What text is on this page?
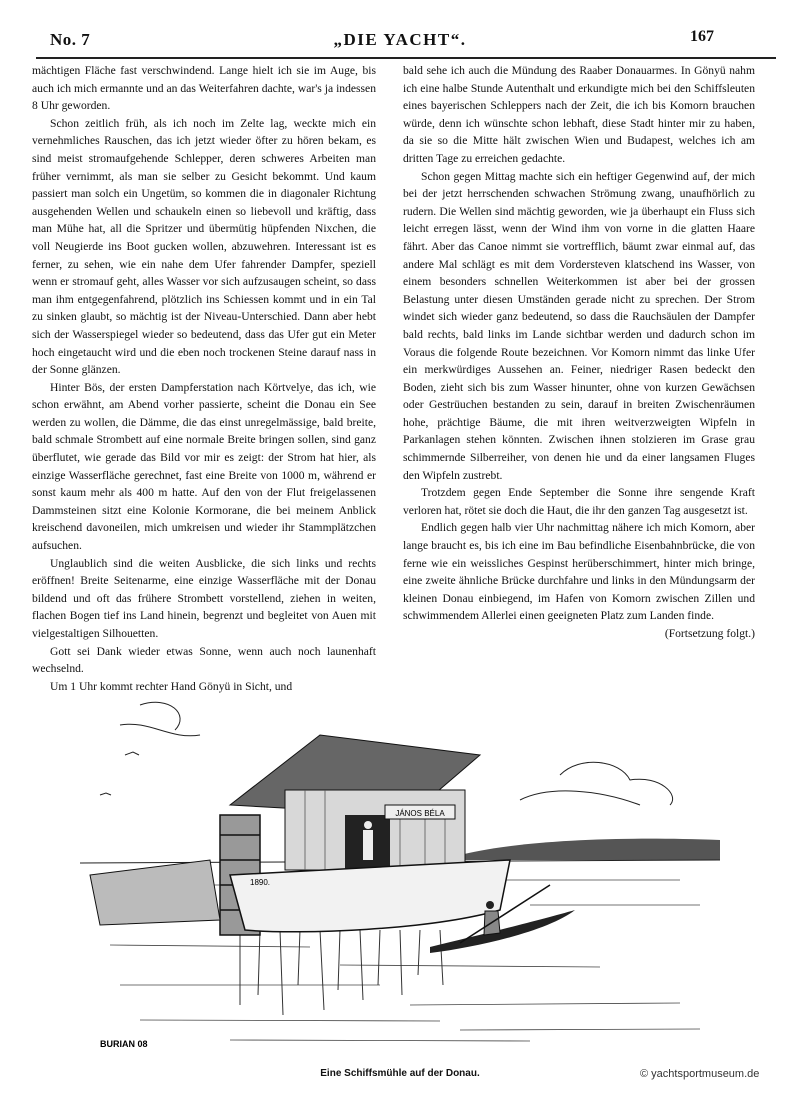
No. 7	„DIE YACHT“.	167

mächtigen Fläche fast verschwindend. Lange hielt ich sie im Auge, bis auch ich mich ermannte und an das Weiterfahren dachte, war's ja indessen 8 Uhr geworden.

Schon zeitlich früh, als ich noch im Zelte lag, weckte mich ein vernehmliches Rauschen, das ich jetzt wieder öfter zu hören bekam, es sind meist stromaufgehende Schlepper, deren schweres Arbeiten man früher vernimmt, als man sie selber zu Gesicht bekommt. Und kaum passiert man solch ein Ungetüm, so kommen die in diagonaler Richtung ausgehenden Wellen und schaukeln einen so liebevoll und kräftig, dass man Mühe hat, all die Spritzer und übermütig hüpfenden Nixchen, die voll Neugierde ins Boot gucken wollen, abzuwehren. Interessant ist es ferner, zu sehen, wie ein nahe dem Ufer fahrender Dampfer, speziell wenn er stromauf geht, alles Wasser vor sich aufzusaugen scheint, so dass man ihm entgegenfahrend, plötzlich ins Schiessen kommt und in ein Tal zu sinken glaubt, so mächtig ist der Niveau-Unterschied. Dann aber hebt sich der Wasserspiegel wieder so bedeutend, dass das Ufer gut ein Meter hoch eingetaucht wird und die eben noch trockenen Steine darauf nass in der Sonne glänzen.

Hinter Bös, der ersten Dampferstation nach Körtvelye, das ich, wie schon erwähnt, am Abend vorher passierte, scheint die Donau ein See werden zu wollen, die Dämme, die das einst unregelmässige, bald breite, bald schmale Strombett auf eine normale Breite bringen sollen, sind ganz überflutet, wie gerade das Bild vor mir es zeigt: der Strom hat hier, als einzige Wasserfläche gerechnet, fast eine Breite von 1000 m, während er sonst kaum mehr als 400 m hatte. Auf den von der Flut freigelassenen Dammsteinen sitzt eine Kolonie Kormorane, die bei meinem Anblick kreischend davoneilen, mich umkreisen und wieder ihr Stammplätzchen aufsuchen.

Unglaublich sind die weiten Ausblicke, die sich links und rechts eröffnen! Breite Seitenarme, eine einzige Wasserfläche mit der Donau bildend und oft das frühere Strombett vorstellend, ziehen in weiten, flachen Bogen tief ins Land hinein, begrenzt und begleitet von Auen mit vielgestaltigen Silhouetten.

Gott sei Dank wieder etwas Sonne, wenn auch noch launenhaft wechselnd.

Um 1 Uhr kommt rechter Hand Gönyü in Sicht, und

bald sehe ich auch die Mündung des Raaber Donauarmes. In Gönyü nahm ich eine halbe Stunde Autenthalt und erkundigte mich bei den Schiffsleuten eines bayerischen Schleppers nach der Zeit, die ich bis Komorn brauchen würde, denn ich wünschte schon lebhaft, diese Stadt hinter mir zu haben, da sie so die Mitte hält zwischen Wien und Budapest, welches ich am dritten Tage zu erreichen gedachte.

Schon gegen Mittag machte sich ein heftiger Gegenwind auf, der mich bei der jetzt herrschenden schwachen Strömung zwang, unaufhörlich zu rudern. Die Wellen sind mächtig geworden, wie ja überhaupt ein Fluss sich leicht erregen lässt, wenn der Wind ihm von vorne in die glatten Haare fährt. Aber das Canoe nimmt sie vortrefflich, bäumt zwar einmal auf, das andere Mal schlägt es mit dem Vordersteven klatschend ins Wasser, von einem besonders schnellen Weiterkommen ist aber bei der grossen Belastung unter diesen Umständen gerade nicht zu sprechen. Der Strom windet sich wieder ganz bedeutend, so dass die Rauchsäulen der Dampfer bald rechts, bald links im Lande sichtbar werden und dadurch schon im Voraus die folgende Route bezeichnen. Vor Komorn nimmt das linke Ufer ein merkwürdiges Aussehen an. Feiner, niedriger Rasen bedeckt den Boden, zieht sich bis zum Wasser hinunter, ohne von kurzen Gewächsen oder Gestrüuchen bestanden zu sein, darauf in breiten Zwischenräumen hohe, prächtige Bäume, die mit ihren weitverzweigten Wipfeln in Parkanlagen stehen könnten. Zwischen ihnen stolzieren im Grase grau schimmernde Silberreiher, von denen hie und da einer langsamen Fluges den Wipfeln zustrebt.

Trotzdem gegen Ende September die Sonne ihre sengende Kraft verloren hat, rötet sie doch die Haut, die ihr den ganzen Tag ausgesetzt ist.

Endlich gegen halb vier Uhr nachmittag nähere ich mich Komorn, aber lange braucht es, bis ich eine im Bau befindliche Eisenbahnbrücke, die von ferne wie ein weissliches Gespinst herüberschimmert, hinter mich bringe, eine zweite ähnliche Brücke durchfahre und links in den Mündungsarm der kleinen Donau einbiegend, im Hafen von Komorn zwischen Zillen und schwimmendem Allerlei einen geeigneten Platz zum Landen finde.
(Fortsetzung folgt.)

JÁNOS BÉLA
1890.
BURIAN 08
Eine Schiffsmühle auf der Donau.	© yachtsportmuseum.de
